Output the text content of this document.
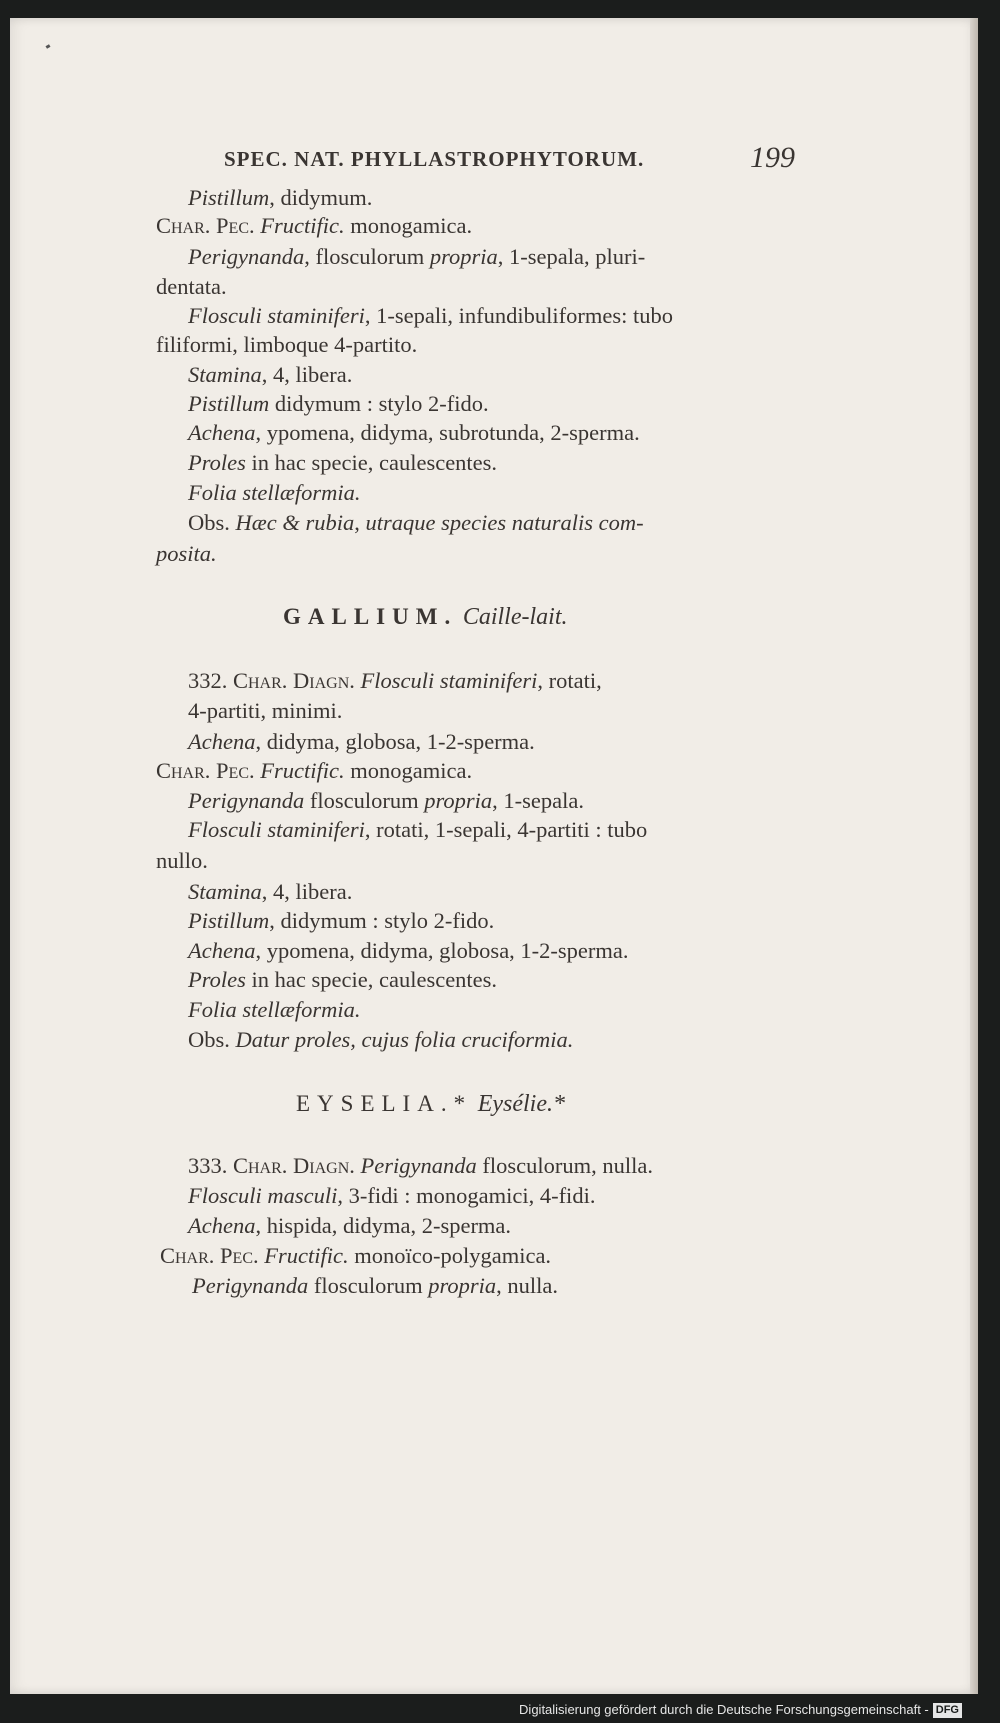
SPEC. NAT. PHYLLASTROPHYTORUM.	199
Pistillum, didymum.
Char. Pec. Fructific. monogamica.
Perigynanda, flosculorum propria, 1-sepala, pluri-
dentata.
Flosculi staminiferi, 1-sepali, infundibuliformes: tubo
filiformi, limboque 4-partito.
Stamina, 4, libera.
Pistillum didymum : stylo 2-fido.
Achena, ypomena, didyma, subrotunda, 2-sperma.
Proles in hac specie, caulescentes.
Folia stellæformia.
Obs. Hæc & rubia, utraque species naturalis com-
posita.
GALLIUM. Caille-lait.
332. Char. Diagn. Flosculi staminiferi, rotati,
4-partiti, minimi.
Achena, didyma, globosa, 1-2-sperma.
Char. Pec. Fructific. monogamica.
Perigynanda flosculorum propria, 1-sepala.
Flosculi staminiferi, rotati, 1-sepali, 4-partiti : tubo
nullo.
Stamina, 4, libera.
Pistillum, didymum : stylo 2-fido.
Achena, ypomena, didyma, globosa, 1-2-sperma.
Proles in hac specie, caulescentes.
Folia stellæformia.
Obs. Datur proles, cujus folia cruciformia.
EYSELIA.* Eysélie.*
333. Char. Diagn. Perigynanda flosculorum, nulla.
Flosculi masculi, 3-fidi : monogamici, 4-fidi.
Achena, hispida, didyma, 2-sperma.
Char. Pec. Fructific. monoïco-polygamica.
Perigynanda flosculorum propria, nulla.
Digitalisierung gefördert durch die Deutsche Forschungsgemeinschaft - DFG
